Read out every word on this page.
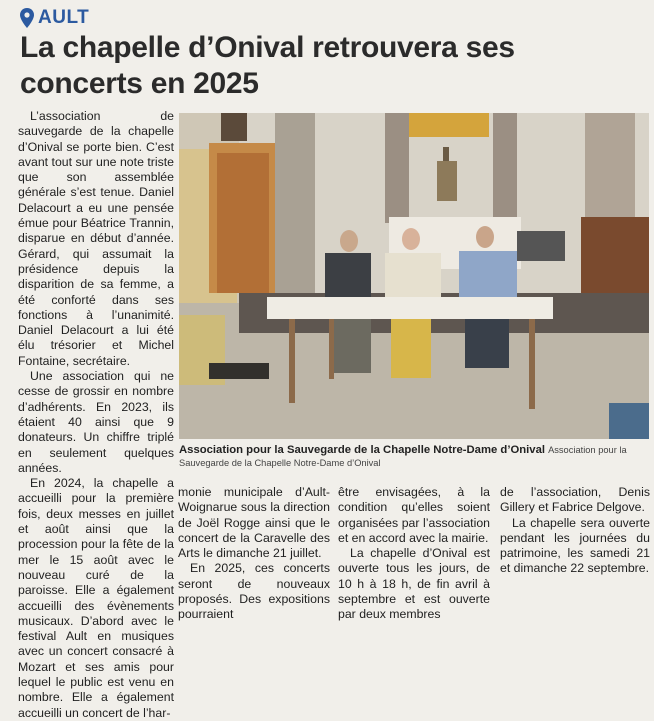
AULT
La chapelle d’Onival retrouvera ses concerts en 2025

L’association de sauvegarde de la chapelle d’Onival se porte bien. C’est avant tout sur une note triste que son assemblée générale s’est tenue. Daniel Delacourt a eu une pensée émue pour Béatrice Trannin, disparue en début d’année. Gérard, qui assumait la présidence depuis la disparition de sa femme, a été conforté dans ses fonctions à l’unanimité. Daniel Delacourt a lui été élu trésorier et Michel Fontaine, secrétaire.

Une association qui ne cesse de grossir en nombre d’adhérents. En 2023, ils étaient 40 ainsi que 9 donateurs. Un chiffre triplé en seulement quelques années.

En 2024, la chapelle a accueilli pour la première fois, deux messes en juillet et août ainsi que la procession pour la fête de la mer le 15 août avec le nouveau curé de la paroisse. Elle a également accueilli des évènements musicaux. D’abord avec le festival Ault en musiques avec un concert consacré à Mozart et ses amis pour lequel le public est venu en nombre. Elle a également accueilli un concert de l’har-

Association pour la Sauvegarde de la Chapelle Notre-Dame d’Onival Association pour la Sauvegarde de la Chapelle Notre-Dame d’Onival

monie municipale d’Ault-Woignarue sous la direction de Joël Rogge ainsi que le concert de la Caravelle des Arts le dimanche 21 juillet.

En 2025, ces concerts seront de nouveaux proposés. Des expositions pourraient

être envisagées, à la condition qu’elles soient organisées par l’association et en accord avec la mairie.

La chapelle d’Onival est ouverte tous les jours, de 10 h à 18 h, de fin avril à septembre et est ouverte par deux membres

de l’association, Denis Gillery et Fabrice Delgove.

La chapelle sera ouverte pendant les journées du patrimoine, les samedi 21 et dimanche 22 septembre.
